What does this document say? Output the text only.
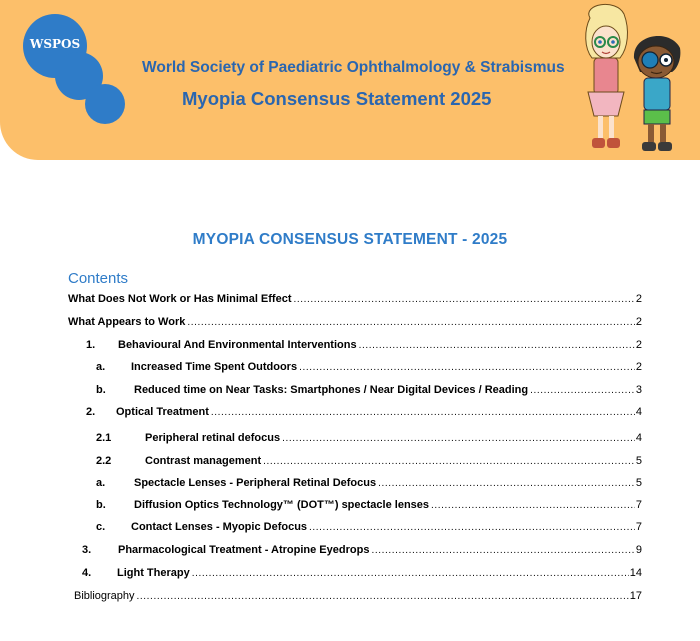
WSPOS
World Society of Paediatric Ophthalmology & Strabismus
Myopia Consensus Statement 2025
MYOPIA CONSENSUS STATEMENT - 2025
Contents
What Does Not Work or Has Minimal Effect .....	2
What Appears to Work .....	2
1.	Behavioural And Environmental Interventions .....	2
a.	Increased Time Spent Outdoors .....	2
b.	Reduced time on Near Tasks: Smartphones / Near Digital Devices / Reading .....	3
2.	Optical Treatment .....	4
2.1	Peripheral retinal defocus .....	4
2.2	Contrast management .....	5
a.	Spectacle Lenses - Peripheral Retinal Defocus .....	5
b.	Diffusion Optics Technology™ (DOT™) spectacle lenses .....	7
c.	Contact Lenses - Myopic Defocus .....	7
3.	Pharmacological Treatment - Atropine Eyedrops .....	9
4.	Light Therapy .....	14
Bibliography .....	17
